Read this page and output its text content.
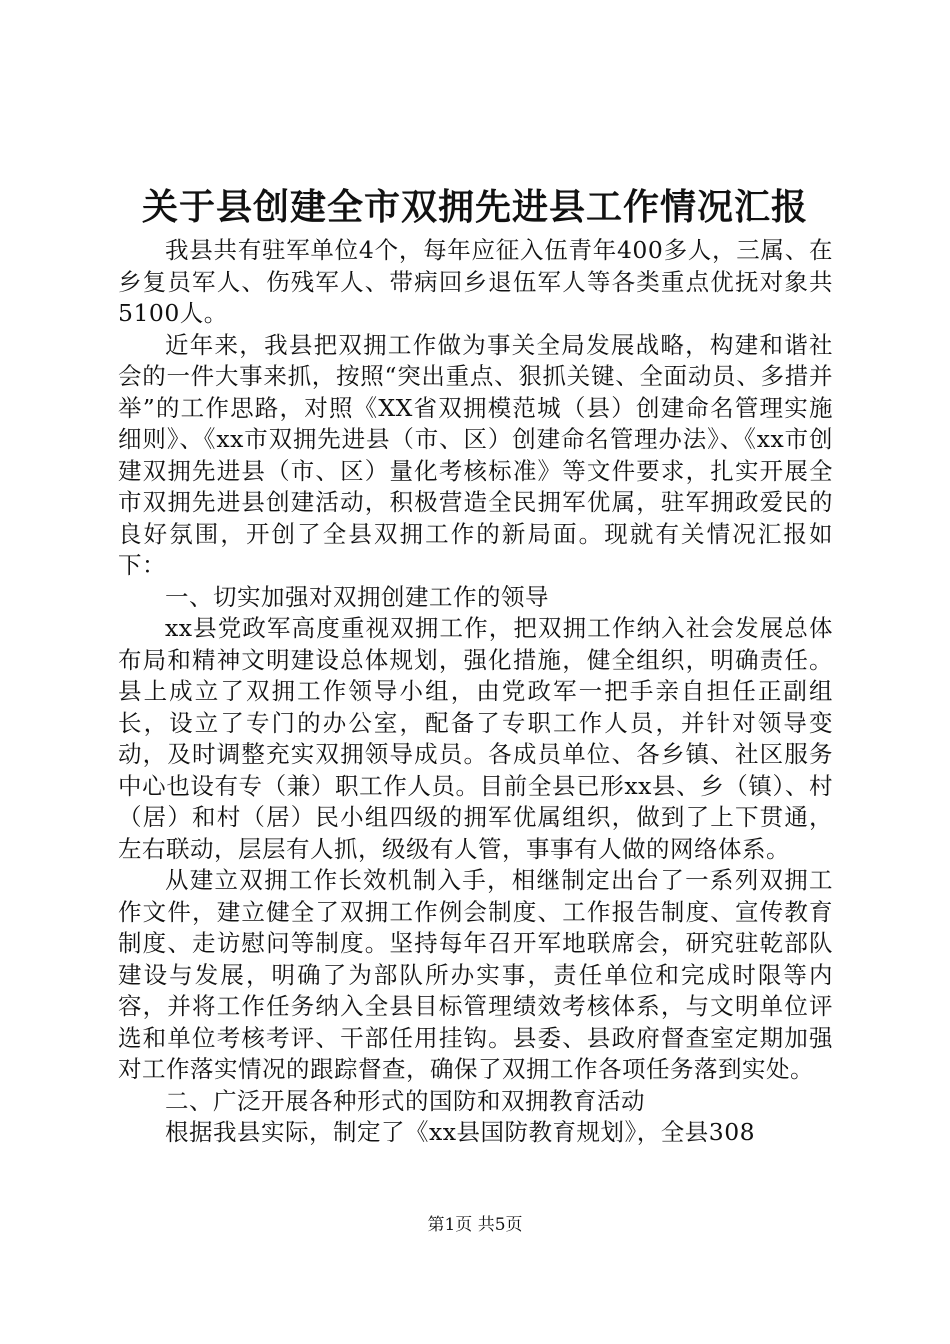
关于县创建全市双拥先进县工作情况汇报

我县共有驻军单位4个，每年应征入伍青年400多人，三属、在乡复员军人、伤残军人、带病回乡退伍军人等各类重点优抚对象共5100人。

近年来，我县把双拥工作做为事关全局发展战略，构建和谐社会的一件大事来抓，按照“突出重点、狠抓关键、全面动员、多措并举”的工作思路，对照《XX省双拥模范城（县）创建命名管理实施细则》、《xx市双拥先进县（市、区）创建命名管理办法》、《xx市创建双拥先进县（市、区）量化考核标准》等文件要求，扎实开展全市双拥先进县创建活动，积极营造全民拥军优属，驻军拥政爱民的良好氛围，开创了全县双拥工作的新局面。现就有关情况汇报如下：

一、切实加强对双拥创建工作的领导

xx县党政军高度重视双拥工作，把双拥工作纳入社会发展总体布局和精神文明建设总体规划，强化措施，健全组织，明确责任。县上成立了双拥工作领导小组，由党政军一把手亲自担任正副组长，设立了专门的办公室，配备了专职工作人员，并针对领导变动，及时调整充实双拥领导成员。各成员单位、各乡镇、社区服务中心也设有专（兼）职工作人员。目前全县已形xx县、乡（镇）、村（居）和村（居）民小组四级的拥军优属组织，做到了上下贯通，左右联动，层层有人抓，级级有人管，事事有人做的网络体系。

从建立双拥工作长效机制入手，相继制定出台了一系列双拥工作文件，建立健全了双拥工作例会制度、工作报告制度、宣传教育制度、走访慰问等制度。坚持每年召开军地联席会，研究驻乾部队建设与发展，明确了为部队所办实事，责任单位和完成时限等内容，并将工作任务纳入全县目标管理绩效考核体系，与文明单位评选和单位考核考评、干部任用挂钩。县委、县政府督查室定期加强对工作落实情况的跟踪督查，确保了双拥工作各项任务落到实处。

二、广泛开展各种形式的国防和双拥教育活动

根据我县实际，制定了《xx县国防教育规划》，全县308

第1页 共5页
